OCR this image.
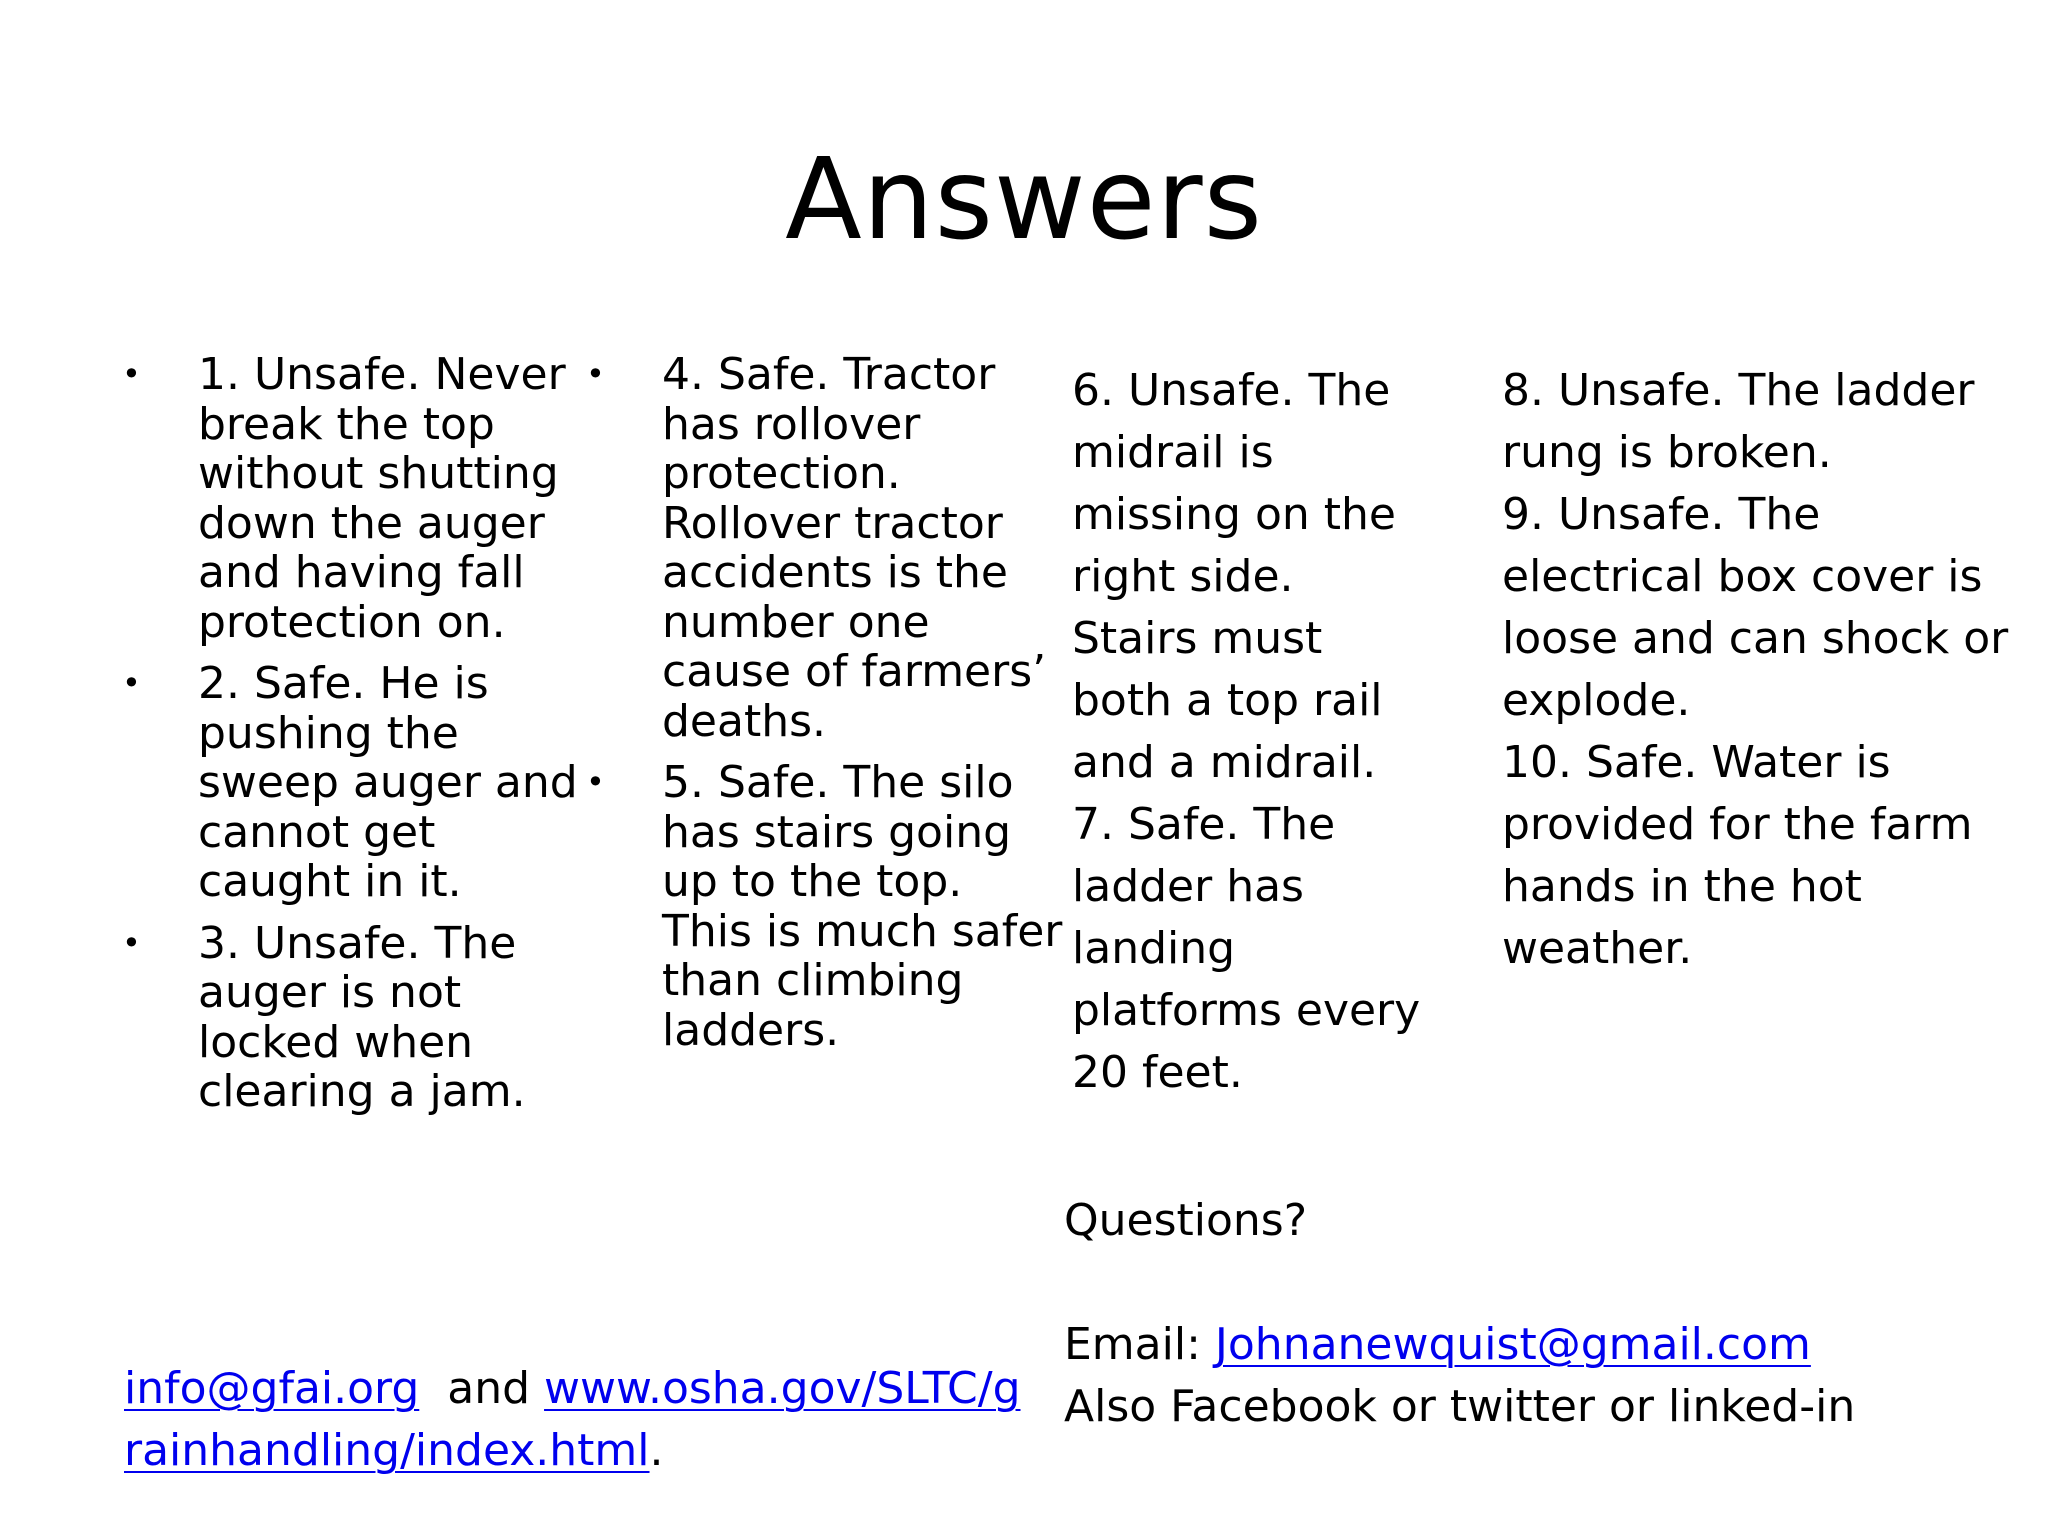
Answers
• 1. Unsafe. Never break the top without shutting down the auger and having fall protection on.
• 2. Safe. He is pushing the sweep auger and cannot get caught in it.
• 3. Unsafe. The auger is not locked when clearing a jam.
• 4. Safe. Tractor has rollover protection. Rollover tractor accidents is the number one cause of farmers’ deaths.
• 5. Safe. The silo has stairs going up to the top. This is much safer than climbing ladders.

6. Unsafe. The midrail is missing on the right side. Stairs must both a top rail and a midrail.

7. Safe. The ladder has landing platforms every 20 feet.

8. Unsafe. The ladder rung is broken.

9. Unsafe. The electrical box cover is loose and can shock or explode.

10. Safe. Water is provided for the farm hands in the hot weather.

info@gfai.org and www.osha.gov/SLTC/grainhandling/index.html.

Questions?

Email: Johnanewquist@gmail.com

Also Facebook or twitter or linked-in
